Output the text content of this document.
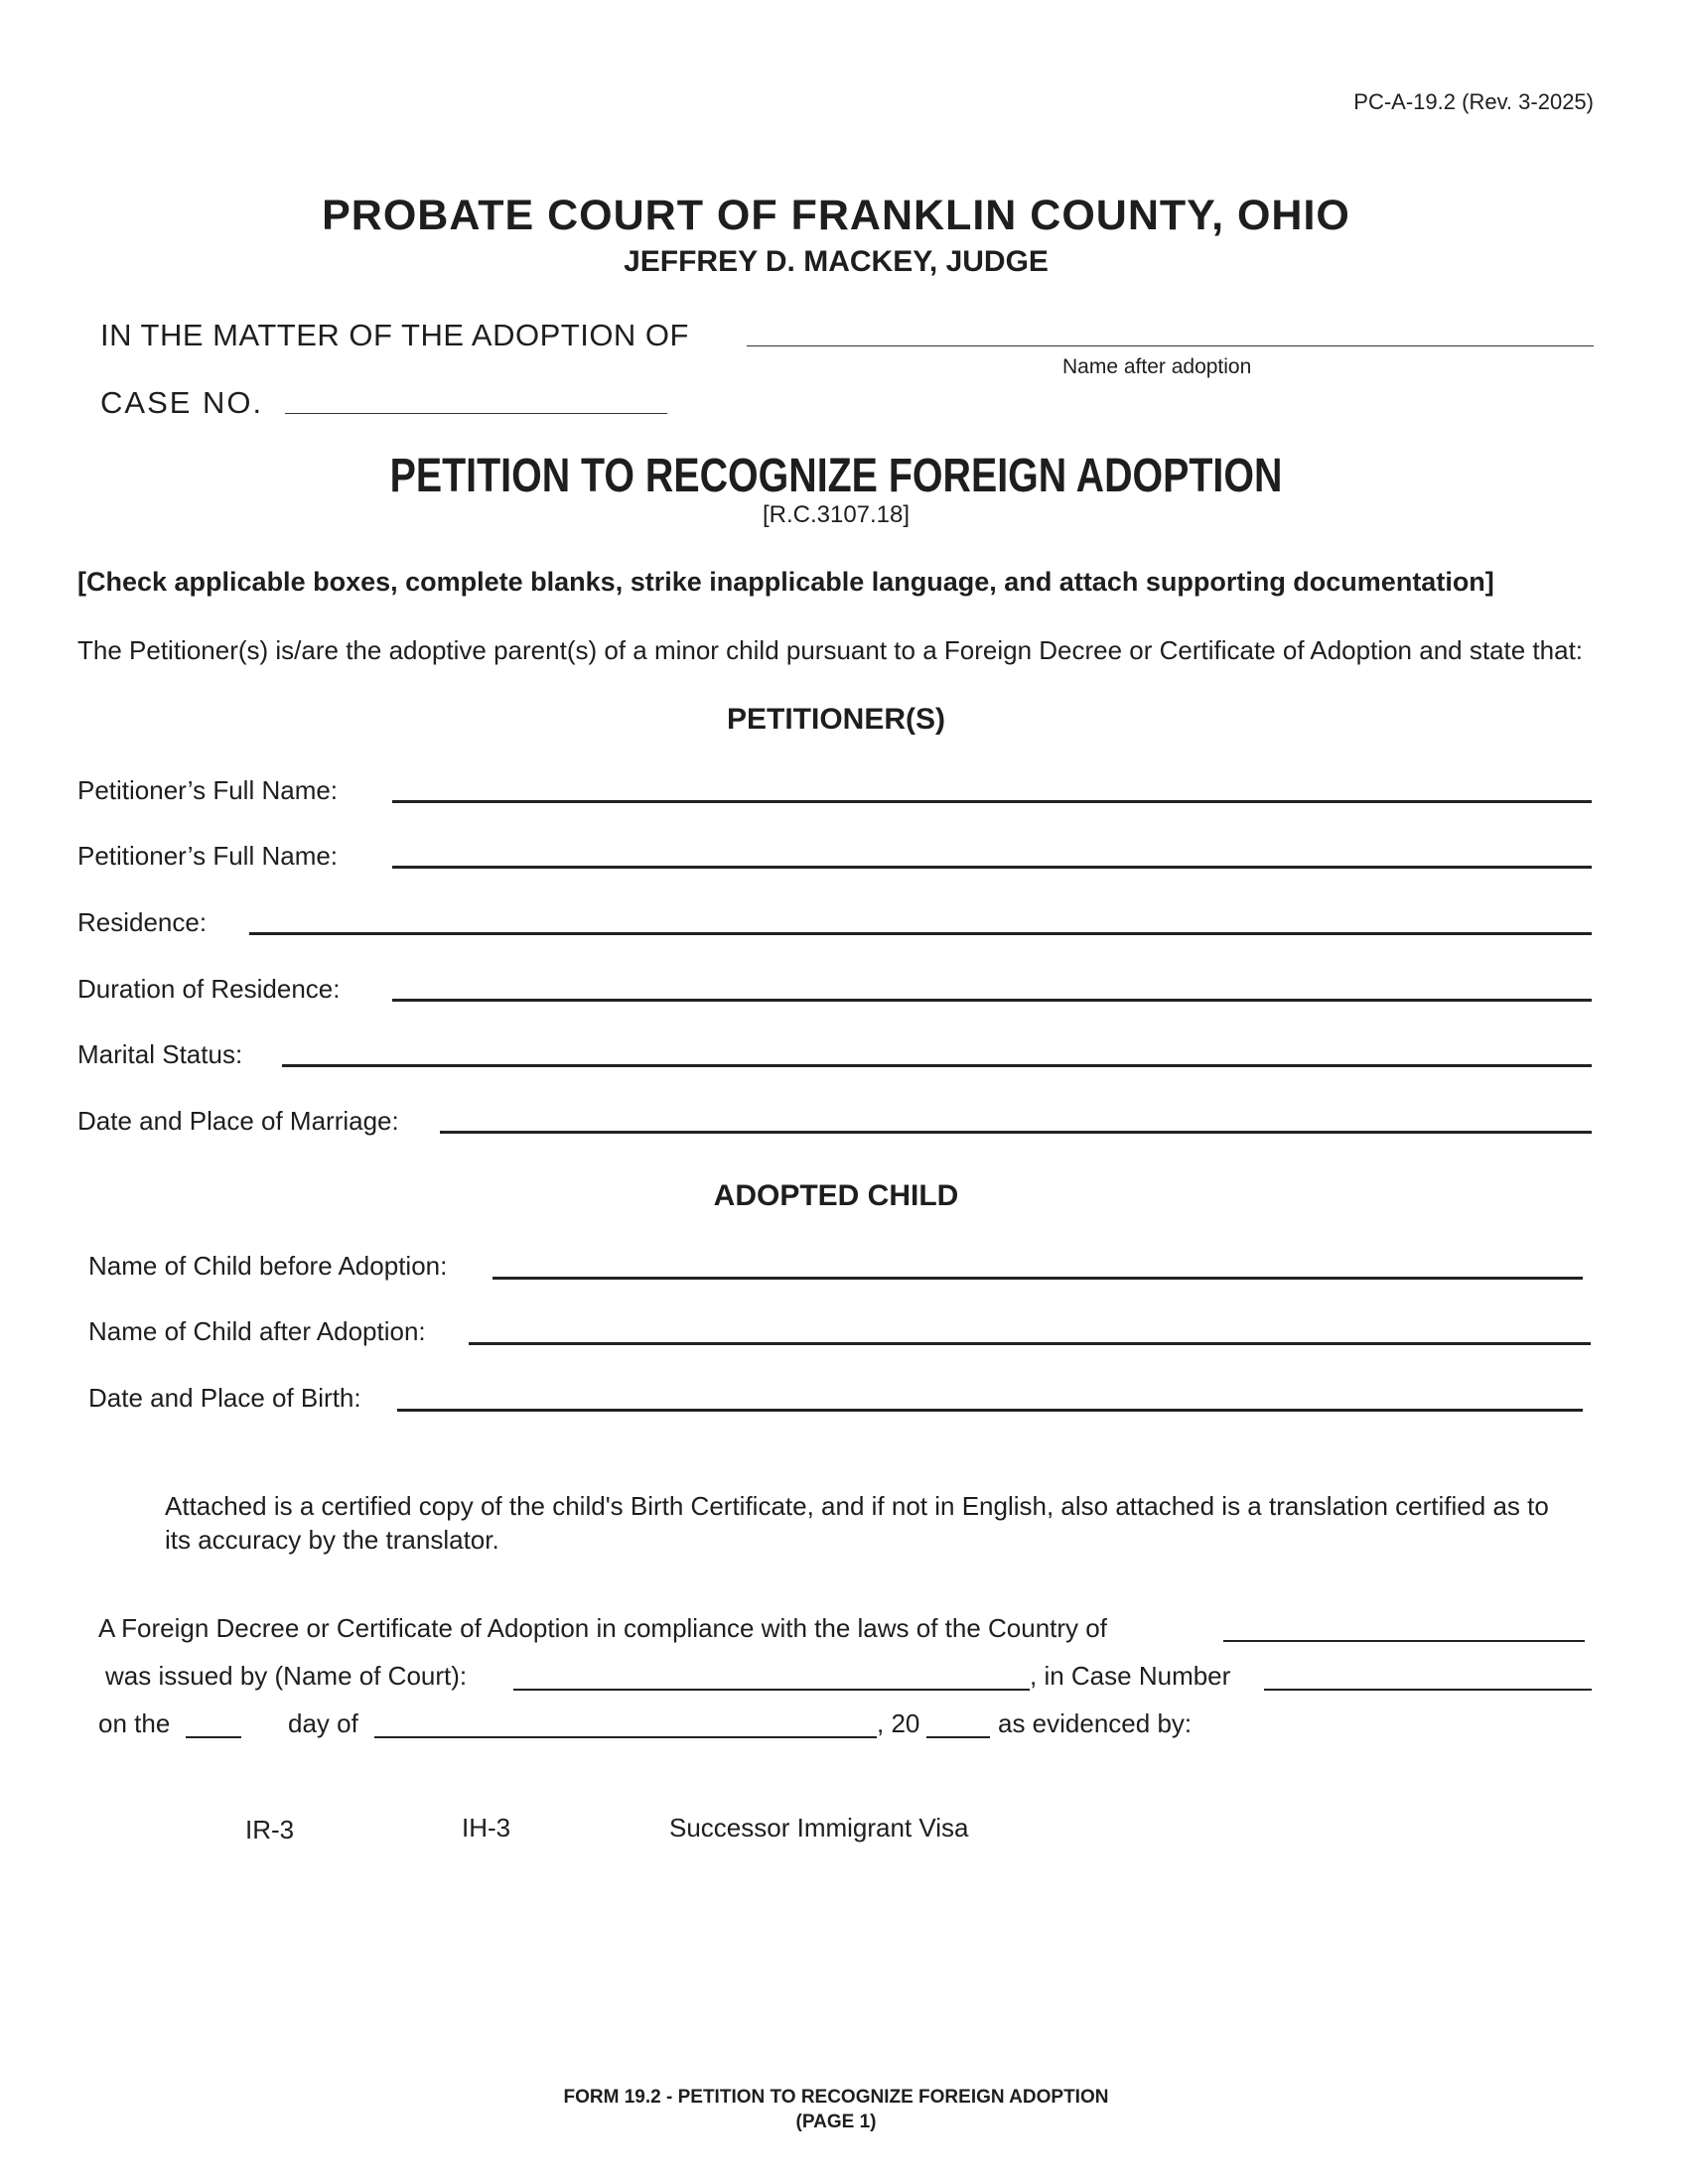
PC-A-19.2 (Rev. 3-2025)
PROBATE COURT OF FRANKLIN COUNTY, OHIO
JEFFREY D. MACKEY, JUDGE
IN THE MATTER OF THE ADOPTION OF
Name after adoption
CASE NO.
PETITION TO RECOGNIZE FOREIGN ADOPTION
[R.C.3107.18]
[Check applicable boxes, complete blanks, strike inapplicable language, and attach supporting documentation]
The Petitioner(s) is/are the adoptive parent(s) of a minor child pursuant to a Foreign Decree or Certificate of Adoption and state that:
PETITIONER(S)
Petitioner’s Full Name:
Petitioner’s Full Name:
Residence:
Duration of Residence:
Marital Status:
Date and Place of Marriage:
ADOPTED CHILD
Name of Child before Adoption:
Name of Child after Adoption:
Date and Place of Birth:
Attached is a certified copy of the child's Birth Certificate, and if not in English, also attached is a translation certified as to its accuracy by the translator.
A Foreign Decree or Certificate of Adoption in compliance with the laws of the Country of
was issued by (Name of Court):	, in Case Number
on the	day of	, 20	as evidenced by:
IR-3	IH-3	Successor Immigrant Visa
FORM 19.2 - PETITION TO RECOGNIZE FOREIGN ADOPTION
(PAGE 1)
